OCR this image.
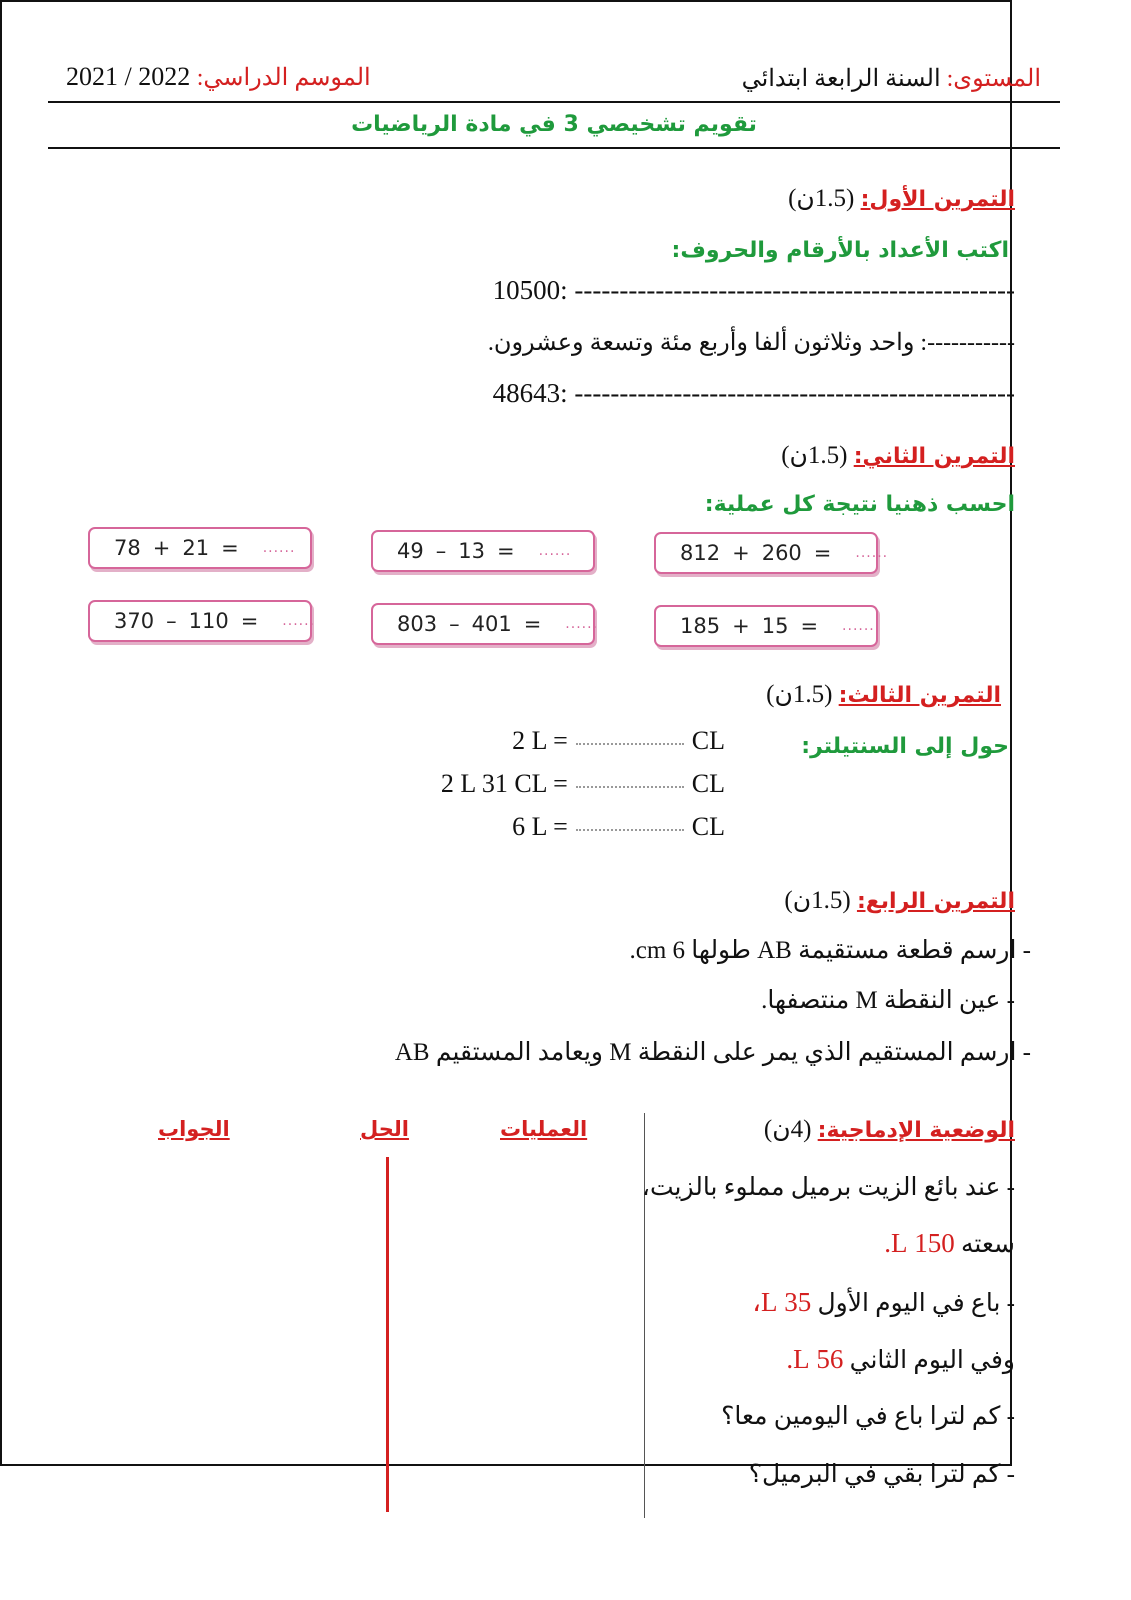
المستوى: السنة الرابعة ابتدائي
الموسم الدراسي: 2021 / 2022
تقويم تشخيصي 3 في مادة الرياضيات
التمرين الأول: (1.5ن)
اكتب الأعداد بالأرقام والحروف:
10500: -------------------------------------------------
-----------: واحد وثلاثون ألفا وأربع مئة وتسعة وعشرون.
48643: -------------------------------------------------
التمرين الثاني: (1.5ن)
احسب ذهنيا نتيجة كل عملية:
812 + 260 = ......
49 – 13 = ......
78 + 21 = ......
185 + 15 = ......
803 – 401 = ......
370 – 110 = ......
التمرين الثالث: (1.5ن)
حول إلى السنتيلتر:
2 L =	CL
2 L 31 CL =	CL
6 L =	CL
التمرين الرابع: (1.5ن)
- ارسم قطعة مستقيمة AB طولها 6 cm.
- عين النقطة M منتصفها.
- ارسم المستقيم الذي يمر على النقطة M ويعامد المستقيم AB
الوضعية الإدماجية: (4ن)
- عند بائع الزيت برميل مملوء بالزيت،
سعته 150 L.
- باع في اليوم الأول 35 L،
وفي اليوم الثاني 56 L.
- كم لترا باع في اليومين معا؟
- كم لترا بقي في البرميل؟
العمليات
الحل
الجواب
